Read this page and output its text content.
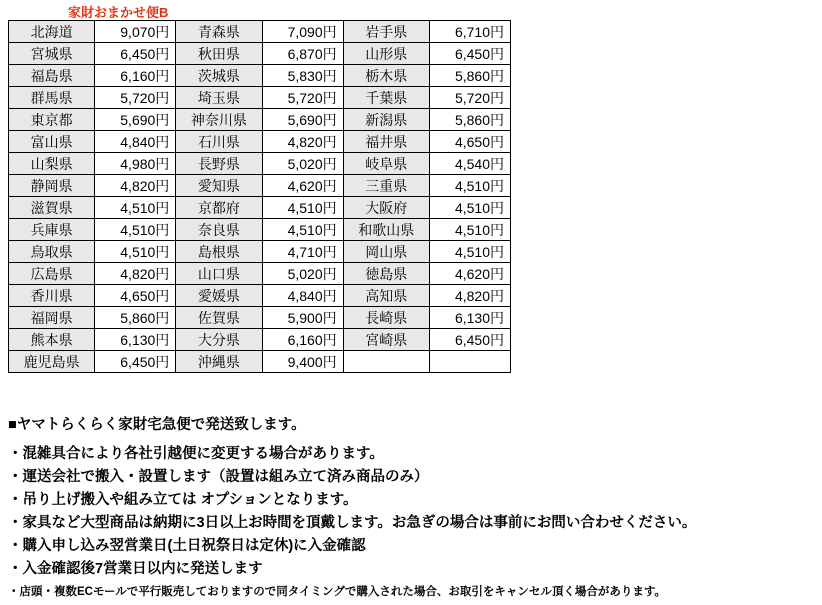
家財おまかせ便B
北海道	9,070円	青森県	7,090円	岩手県	6,710円
宮城県	6,450円	秋田県	6,870円	山形県	6,450円
福島県	6,160円	茨城県	5,830円	栃木県	5,860円
群馬県	5,720円	埼玉県	5,720円	千葉県	5,720円
東京都	5,690円	神奈川県	5,690円	新潟県	5,860円
富山県	4,840円	石川県	4,820円	福井県	4,650円
山梨県	4,980円	長野県	5,020円	岐阜県	4,540円
静岡県	4,820円	愛知県	4,620円	三重県	4,510円
滋賀県	4,510円	京都府	4,510円	大阪府	4,510円
兵庫県	4,510円	奈良県	4,510円	和歌山県	4,510円
鳥取県	4,510円	島根県	4,710円	岡山県	4,510円
広島県	4,820円	山口県	5,020円	徳島県	4,620円
香川県	4,650円	愛媛県	4,840円	高知県	4,820円
福岡県	5,860円	佐賀県	5,900円	長崎県	6,130円
熊本県	6,130円	大分県	6,160円	宮崎県	6,450円
鹿児島県	6,450円	沖縄県	9,400円		
■ヤマトらくらく家財宅急便で発送致します。
・混雑具合により各社引越便に変更する場合があります。
・運送会社で搬入・設置します（設置は組み立て済み商品のみ）
・吊り上げ搬入や組み立ては オプションとなります。
・家具など大型商品は納期に3日以上お時間を頂戴します。お急ぎの場合は事前にお問い合わせください。
・購入申し込み翌営業日(土日祝祭日は定休)に入金確認
・入金確認後7営業日以内に発送します
・店頭・複数ECモールで平行販売しておりますので同タイミングで購入された場合、お取引をキャンセル頂く場合があります。
